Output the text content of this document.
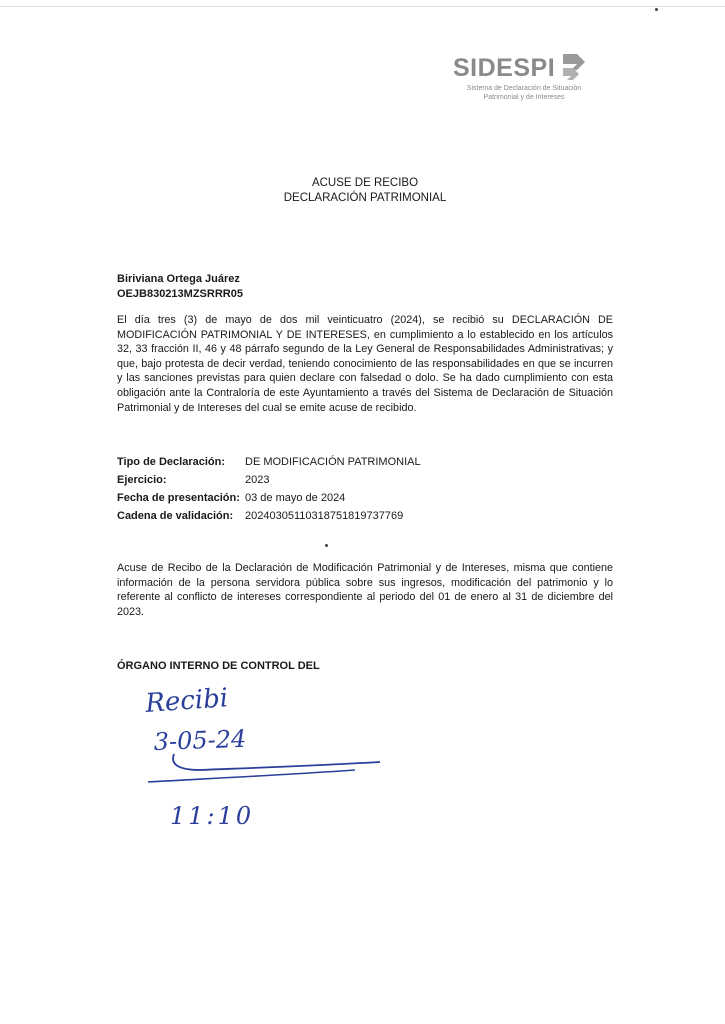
SIDESPI
Sistema de Declaración de Situación
Patrimonial y de Intereses
ACUSE DE RECIBO
DECLARACIÓN PATRIMONIAL
Biriviana Ortega Juárez
OEJB830213MZSRRR05
El día tres (3) de mayo de dos mil veinticuatro (2024), se recibió su DECLARACIÓN DE MODIFICACIÓN PATRIMONIAL Y DE INTERESES, en cumplimiento a lo establecido en los artículos 32, 33 fracción II, 46 y 48 párrafo segundo de la Ley General de Responsabilidades Administrativas; y que, bajo protesta de decir verdad, teniendo conocimiento de las responsabilidades en que se incurren y las sanciones previstas para quien declare con falsedad o dolo. Se ha dado cumplimiento con esta obligación ante la Contraloría de este Ayuntamiento a través del Sistema de Declaración de Situación Patrimonial y de Intereses del cual se emite acuse de recibido.
Tipo de Declaración:	DE MODIFICACIÓN PATRIMONIAL
Ejercicio:	2023
Fecha de presentación: 03 de mayo de 2024
Cadena de validación:	20240305110318751819737769
Acuse de Recibo de la Declaración de Modificación Patrimonial y de Intereses, misma que contiene información de la persona servidora pública sobre sus ingresos, modificación del patrimonio y lo referente al conflicto de intereses correspondiente al periodo del 01 de enero al 31 de diciembre del 2023.
ÓRGANO INTERNO DE CONTROL DEL
Recibi
3-05-24
11:10
